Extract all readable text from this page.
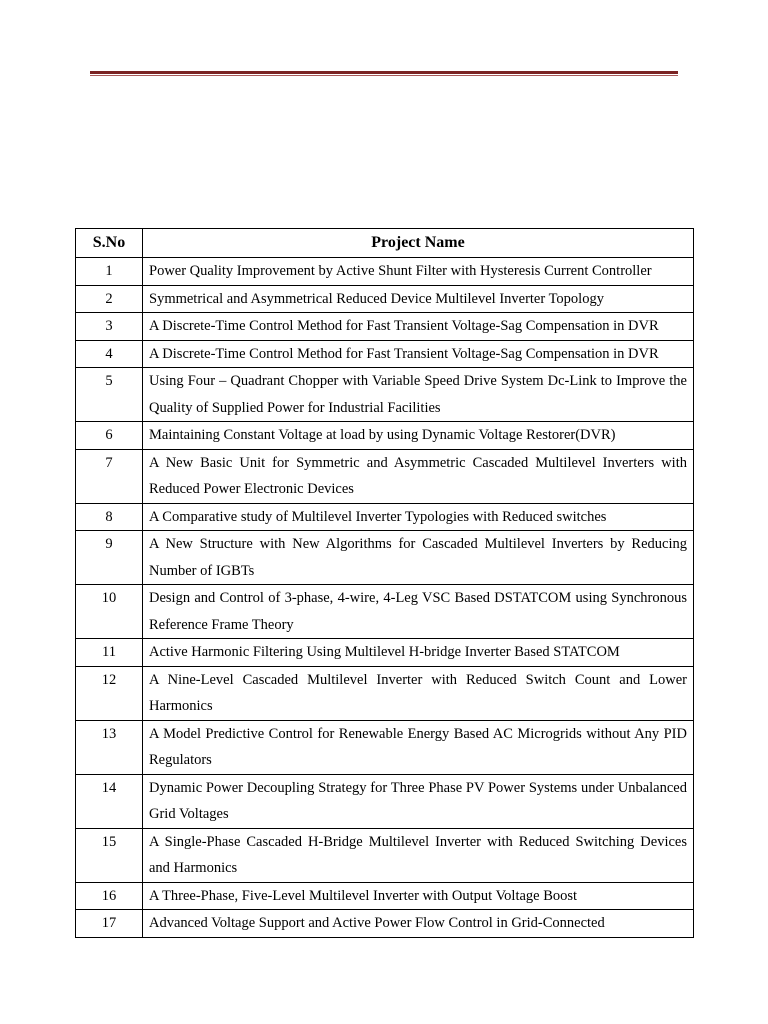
S.No	Project Name
1	Power Quality Improvement by Active Shunt Filter with Hysteresis Current Controller
2	Symmetrical and Asymmetrical Reduced Device Multilevel Inverter Topology
3	A Discrete-Time Control Method for Fast Transient Voltage-Sag Compensation in DVR
4	A Discrete-Time Control Method for Fast Transient Voltage-Sag Compensation in DVR
5	Using Four – Quadrant Chopper with Variable Speed Drive System Dc-Link to Improve the Quality of Supplied Power for Industrial Facilities
6	Maintaining Constant Voltage at load by using Dynamic Voltage Restorer(DVR)
7	A New Basic Unit for Symmetric and Asymmetric Cascaded Multilevel Inverters with Reduced Power Electronic Devices
8	A Comparative study of Multilevel Inverter Typologies with Reduced switches
9	A New Structure with New Algorithms for Cascaded Multilevel Inverters by Reducing Number of IGBTs
10	Design and Control of 3-phase, 4-wire, 4-Leg VSC Based DSTATCOM using Synchronous Reference Frame Theory
11	Active Harmonic Filtering Using Multilevel H-bridge Inverter Based STATCOM
12	A Nine-Level Cascaded Multilevel Inverter with Reduced Switch Count and Lower Harmonics
13	A Model Predictive Control for Renewable Energy Based AC Microgrids without Any PID Regulators
14	Dynamic Power Decoupling Strategy for Three Phase PV Power Systems under Unbalanced Grid Voltages
15	A Single-Phase Cascaded H-Bridge Multilevel Inverter with Reduced Switching Devices and Harmonics
16	A Three-Phase, Five-Level Multilevel Inverter with Output Voltage Boost
17	Advanced Voltage Support and Active Power Flow Control in Grid-Connected
